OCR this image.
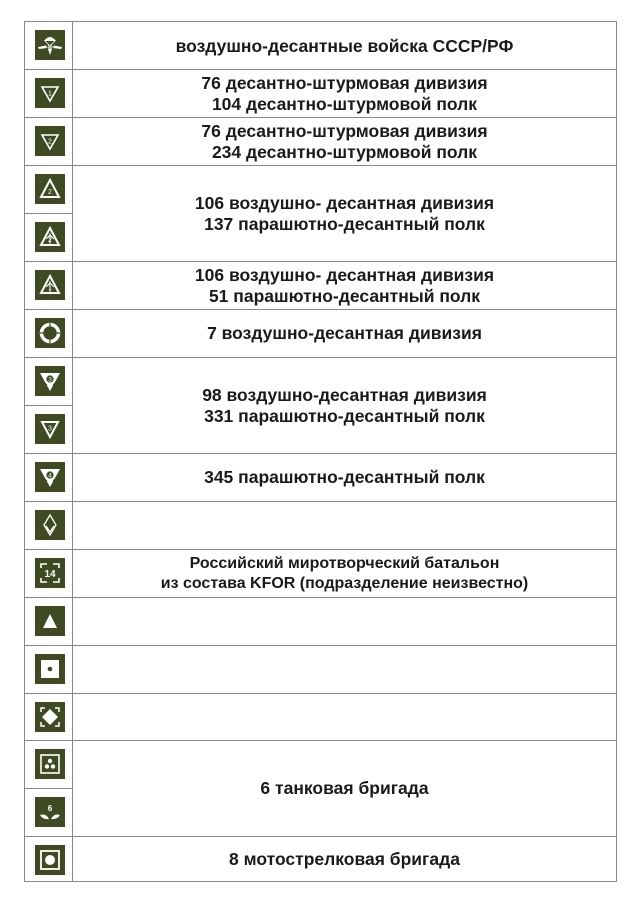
воздушно-десантные войска СССР/РФ
1
76 десантно-штурмовая дивизия
104 десантно-штурмовой полк
2
76 десантно-штурмовая дивизия
234 десантно-штурмовой полк
2
2
106 воздушно- десантная дивизия
137 парашютно-десантный полк
1
106 воздушно- десантная дивизия
51 парашютно-десантный полк
7 воздушно-десантная дивизия
3
3
98 воздушно-десантная дивизия
331 парашютно-десантный полк
4	345 парашютно-десантный полк
14
Российский миротворческий батальон
из состава KFOR (подразделение неизвестно)
6
6 танковая бригада
8 мотострелковая бригада
